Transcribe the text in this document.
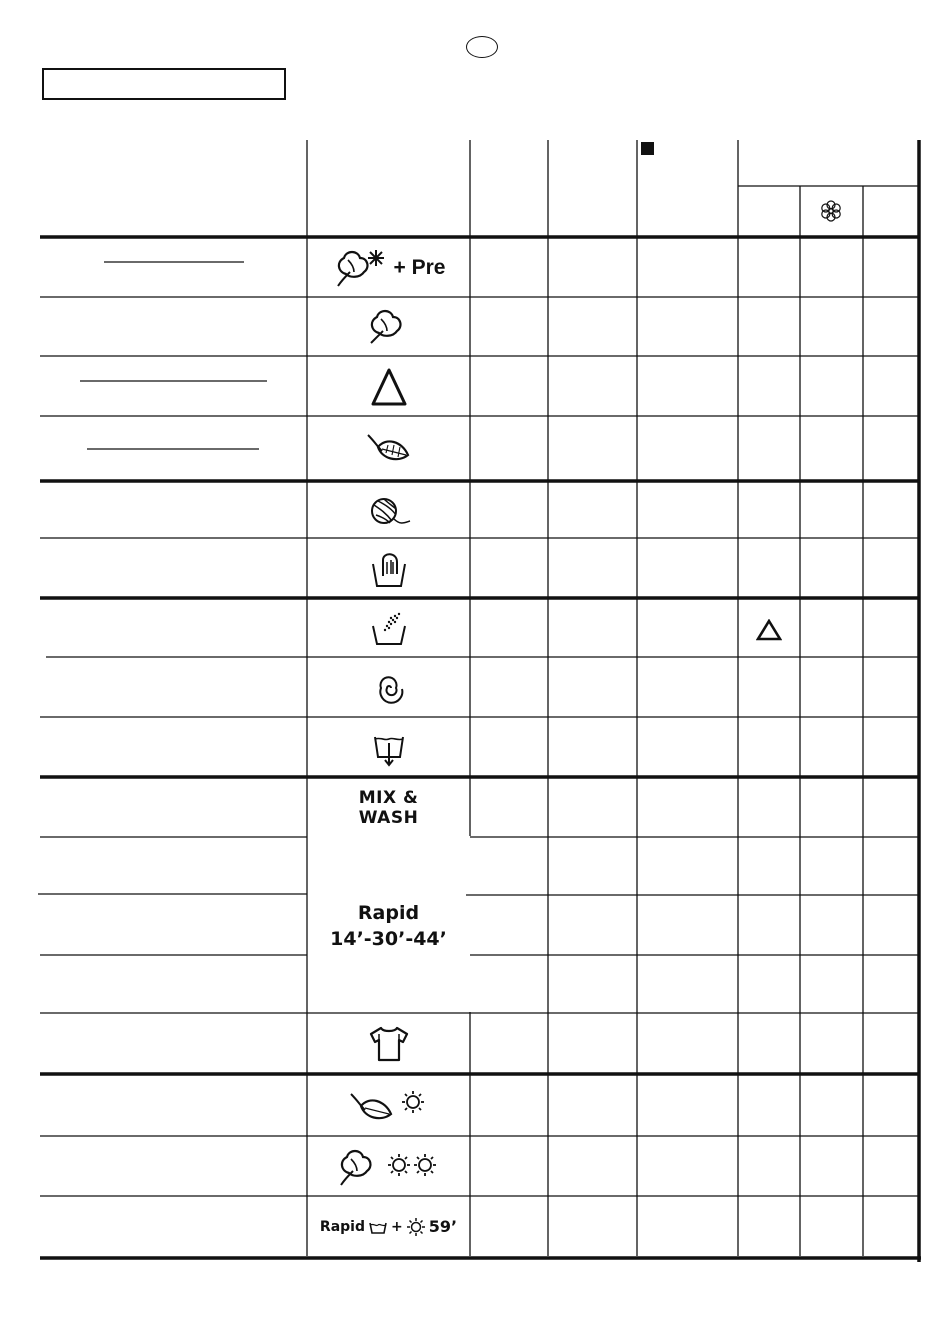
+ Pre
MIX &
WASH
Rapid
14’-30’-44’
Rapid + 59’
